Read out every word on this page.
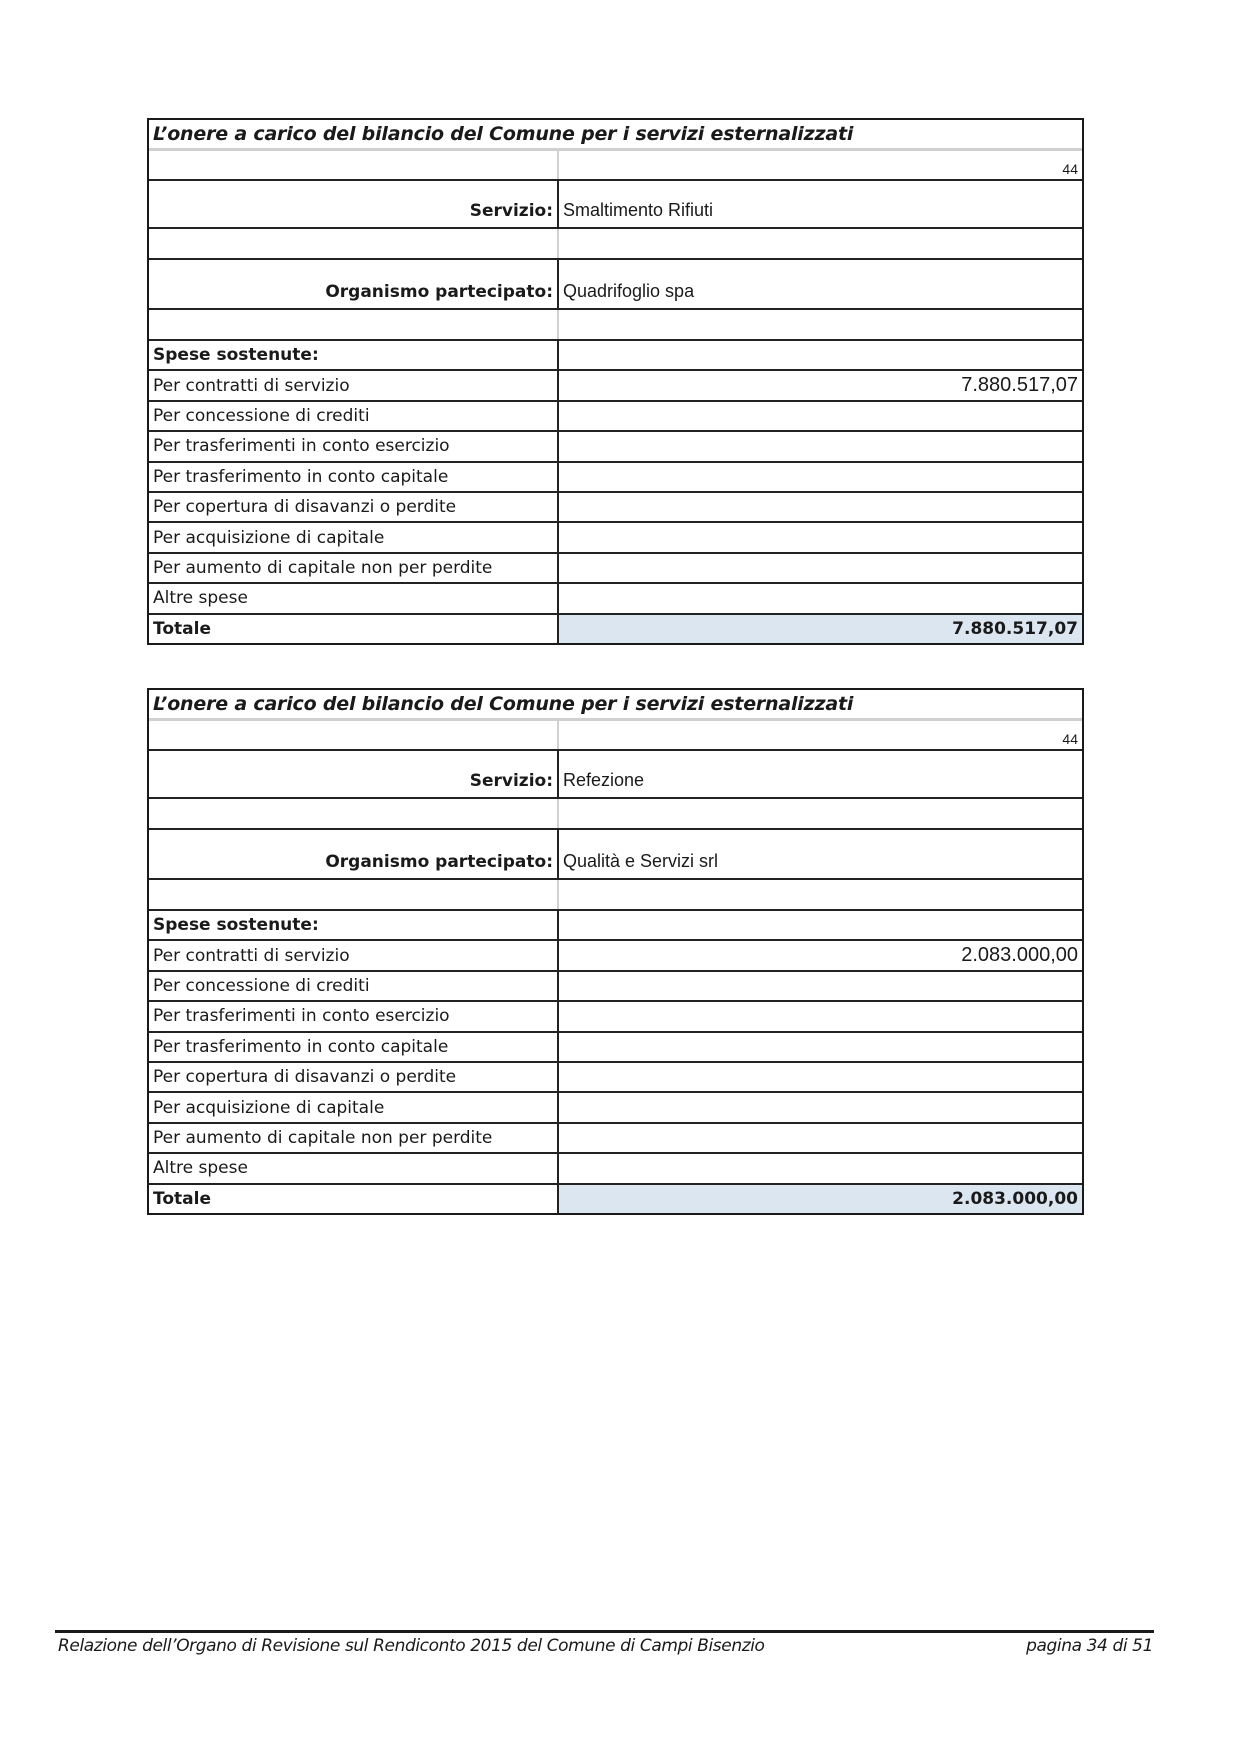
L’onere a carico del bilancio del Comune per i servizi esternalizzati
44
Servizio: Smaltimento Rifiuti
Organismo partecipato: Quadrifoglio spa
Spese sostenute:
Per contratti di servizio	7.880.517,07
Per concessione di crediti
Per trasferimenti in conto esercizio
Per trasferimento in conto capitale
Per copertura di disavanzi o perdite
Per acquisizione di capitale
Per aumento di capitale non per perdite
Altre spese
Totale	7.880.517,07
L’onere a carico del bilancio del Comune per i servizi esternalizzati
44
Servizio: Refezione
Organismo partecipato: Qualità e Servizi srl
Spese sostenute:
Per contratti di servizio	2.083.000,00
Per concessione di crediti
Per trasferimenti in conto esercizio
Per trasferimento in conto capitale
Per copertura di disavanzi o perdite
Per acquisizione di capitale
Per aumento di capitale non per perdite
Altre spese
Totale	2.083.000,00
Relazione dell’Organo di Revisione sul Rendiconto 2015 del Comune di Campi Bisenzio	pagina 34 di 51
